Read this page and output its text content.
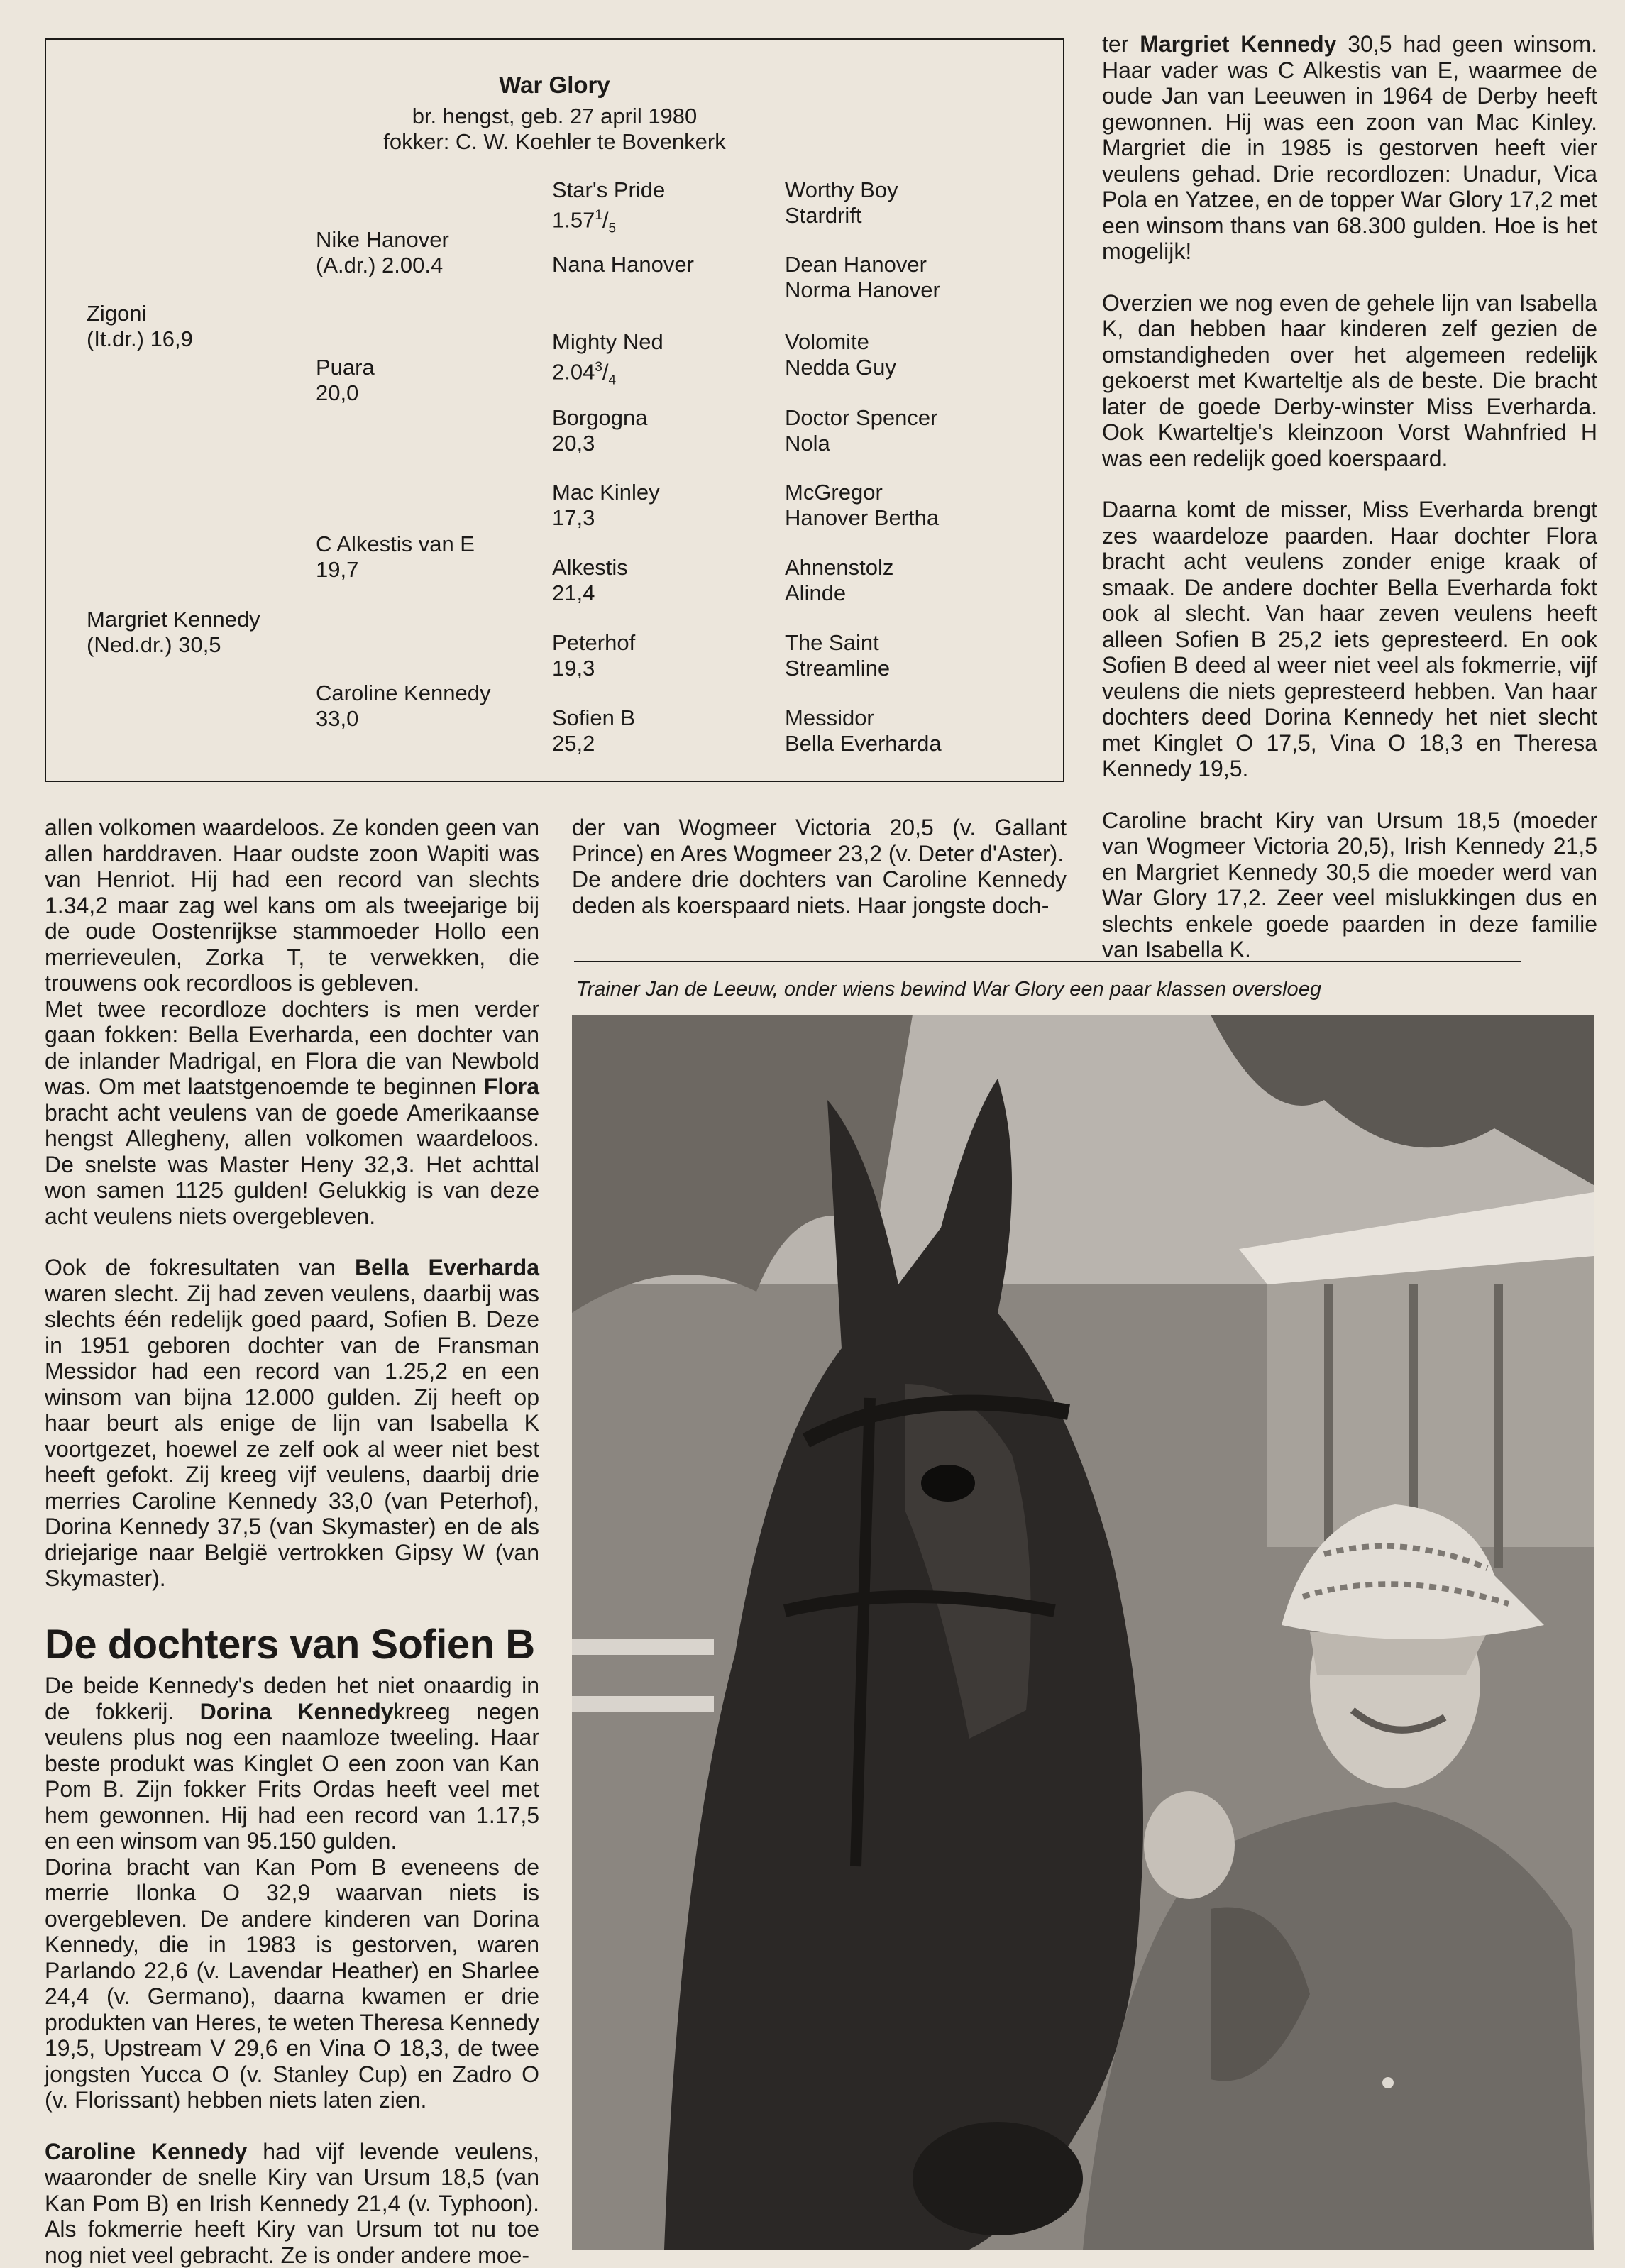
War Glory
br. hengst, geb. 27 april 1980
fokker: C. W. Koehler te Bovenkerk
Zigoni
(It.dr.) 16,9
Margriet Kennedy
(Ned.dr.) 30,5
Nike Hanover
(A.dr.) 2.00.4
Puara
20,0
C Alkestis van E
19,7
Caroline Kennedy
33,0
Star's Pride
$1.57^1/_5$
Nana Hanover
Mighty Ned
$2.04^3/_4$
Borgogna
20,3
Mac Kinley
17,3
Alkestis
21,4
Peterhof
19,3
Sofien B
25,2
Worthy Boy
Stardrift
Dean Hanover
Norma Hanover
Volomite
Nedda Guy
Doctor Spencer
Nola
McGregor
Hanover Bertha
Ahnenstolz
Alinde
The Saint
Streamline
Messidor
Bella Everharda

ter Margriet Kennedy 30,5 had geen winsom. Haar vader was C Alkestis van E, waarmee de oude Jan van Leeuwen in 1964 de Derby heeft gewonnen. Hij was een zoon van Mac Kinley. Margriet die in 1985 is gestorven heeft vier veulens gehad. Drie recordlozen: Unadur, Vica Pola en Yatzee, en de topper War Glory 17,2 met een winsom thans van 68.300 gulden. Hoe is het mogelijk!

Overzien we nog even de gehele lijn van Isabella K, dan hebben haar kinderen zelf gezien de omstandigheden over het algemeen redelijk gekoerst met Kwarteltje als de beste. Die bracht later de goede Derby-winster Miss Everharda. Ook Kwarteltje's kleinzoon Vorst Wahnfried H was een redelijk goed koerspaard.

Daarna komt de misser, Miss Everharda brengt zes waardeloze paarden. Haar dochter Flora bracht acht veulens zonder enige kraak of smaak. De andere dochter Bella Everharda fokt ook al slecht. Van haar zeven veulens heeft alleen Sofien B 25,2 iets gepresteerd. En ook Sofien B deed al weer niet veel als fokmerrie, vijf veulens die niets gepresteerd hebben. Van haar dochters deed Dorina Kennedy het niet slecht met Kinglet O 17,5, Vina O 18,3 en Theresa Kennedy 19,5.

Caroline bracht Kiry van Ursum 18,5 (moeder van Wogmeer Victoria 20,5), Irish Kennedy 21,5 en Margriet Kennedy 30,5 die moeder werd van War Glory 17,2. Zeer veel mislukkingen dus en slechts enkele goede paarden in deze familie van Isabella K.

allen volkomen waardeloos. Ze konden geen van allen harddraven. Haar oudste zoon Wapiti was van Henriot. Hij had een record van slechts 1.34,2 maar zag wel kans om als tweejarige bij de oude Oostenrijkse stammoeder Hollo een merrieveulen, Zorka T, te verwekken, die trouwens ook recordloos is gebleven.

Met twee recordloze dochters is men verder gaan fokken: Bella Everharda, een dochter van de inlander Madrigal, en Flora die van Newbold was. Om met laatstgenoemde te beginnen Flora bracht acht veulens van de goede Amerikaanse hengst Allegheny, allen volkomen waardeloos. De snelste was Master Heny 32,3. Het achttal won samen 1125 gulden! Gelukkig is van deze acht veulens niets overgebleven.

Ook de fokresultaten van Bella Everharda waren slecht. Zij had zeven veulens, daarbij was slechts één redelijk goed paard, Sofien B. Deze in 1951 geboren dochter van de Fransman Messidor had een record van 1.25,2 en een winsom van bijna 12.000 gulden. Zij heeft op haar beurt als enige de lijn van Isabella K voortgezet, hoewel ze zelf ook al weer niet best heeft gefokt. Zij kreeg vijf veulens, daarbij drie merries Caroline Kennedy 33,0 (van Peterhof), Dorina Kennedy 37,5 (van Skymaster) en de als driejarige naar België vertrokken Gipsy W (van Skymaster).

De dochters van Sofien B

De beide Kennedy's deden het niet onaardig in de fokkerij. Dorina Kennedykreeg negen veulens plus nog een naamloze tweeling. Haar beste produkt was Kinglet O een zoon van Kan Pom B. Zijn fokker Frits Ordas heeft veel met hem gewonnen. Hij had een record van 1.17,5 en een winsom van 95.150 gulden.

Dorina bracht van Kan Pom B eveneens de merrie Ilonka O 32,9 waarvan niets is overgebleven. De andere kinderen van Dorina Kennedy, die in 1983 is gestorven, waren Parlando 22,6 (v. Lavendar Heather) en Sharlee 24,4 (v. Germano), daarna kwamen er drie produkten van Heres, te weten Theresa Kennedy 19,5, Upstream V 29,6 en Vina O 18,3, de twee jongsten Yucca O (v. Stanley Cup) en Zadro O (v. Florissant) hebben niets laten zien.

Caroline Kennedy had vijf levende veulens, waaronder de snelle Kiry van Ursum 18,5 (van Kan Pom B) en Irish Kennedy 21,4 (v. Typhoon). Als fokmerrie heeft Kiry van Ursum tot nu toe nog niet veel gebracht. Ze is onder andere moe-

der van Wogmeer Victoria 20,5 (v. Gallant Prince) en Ares Wogmeer 23,2 (v. Deter d'Aster).

De andere drie dochters van Caroline Kennedy deden als koerspaard niets. Haar jongste doch-

Trainer Jan de Leeuw, onder wiens bewind War Glory een paar klassen oversloeg
